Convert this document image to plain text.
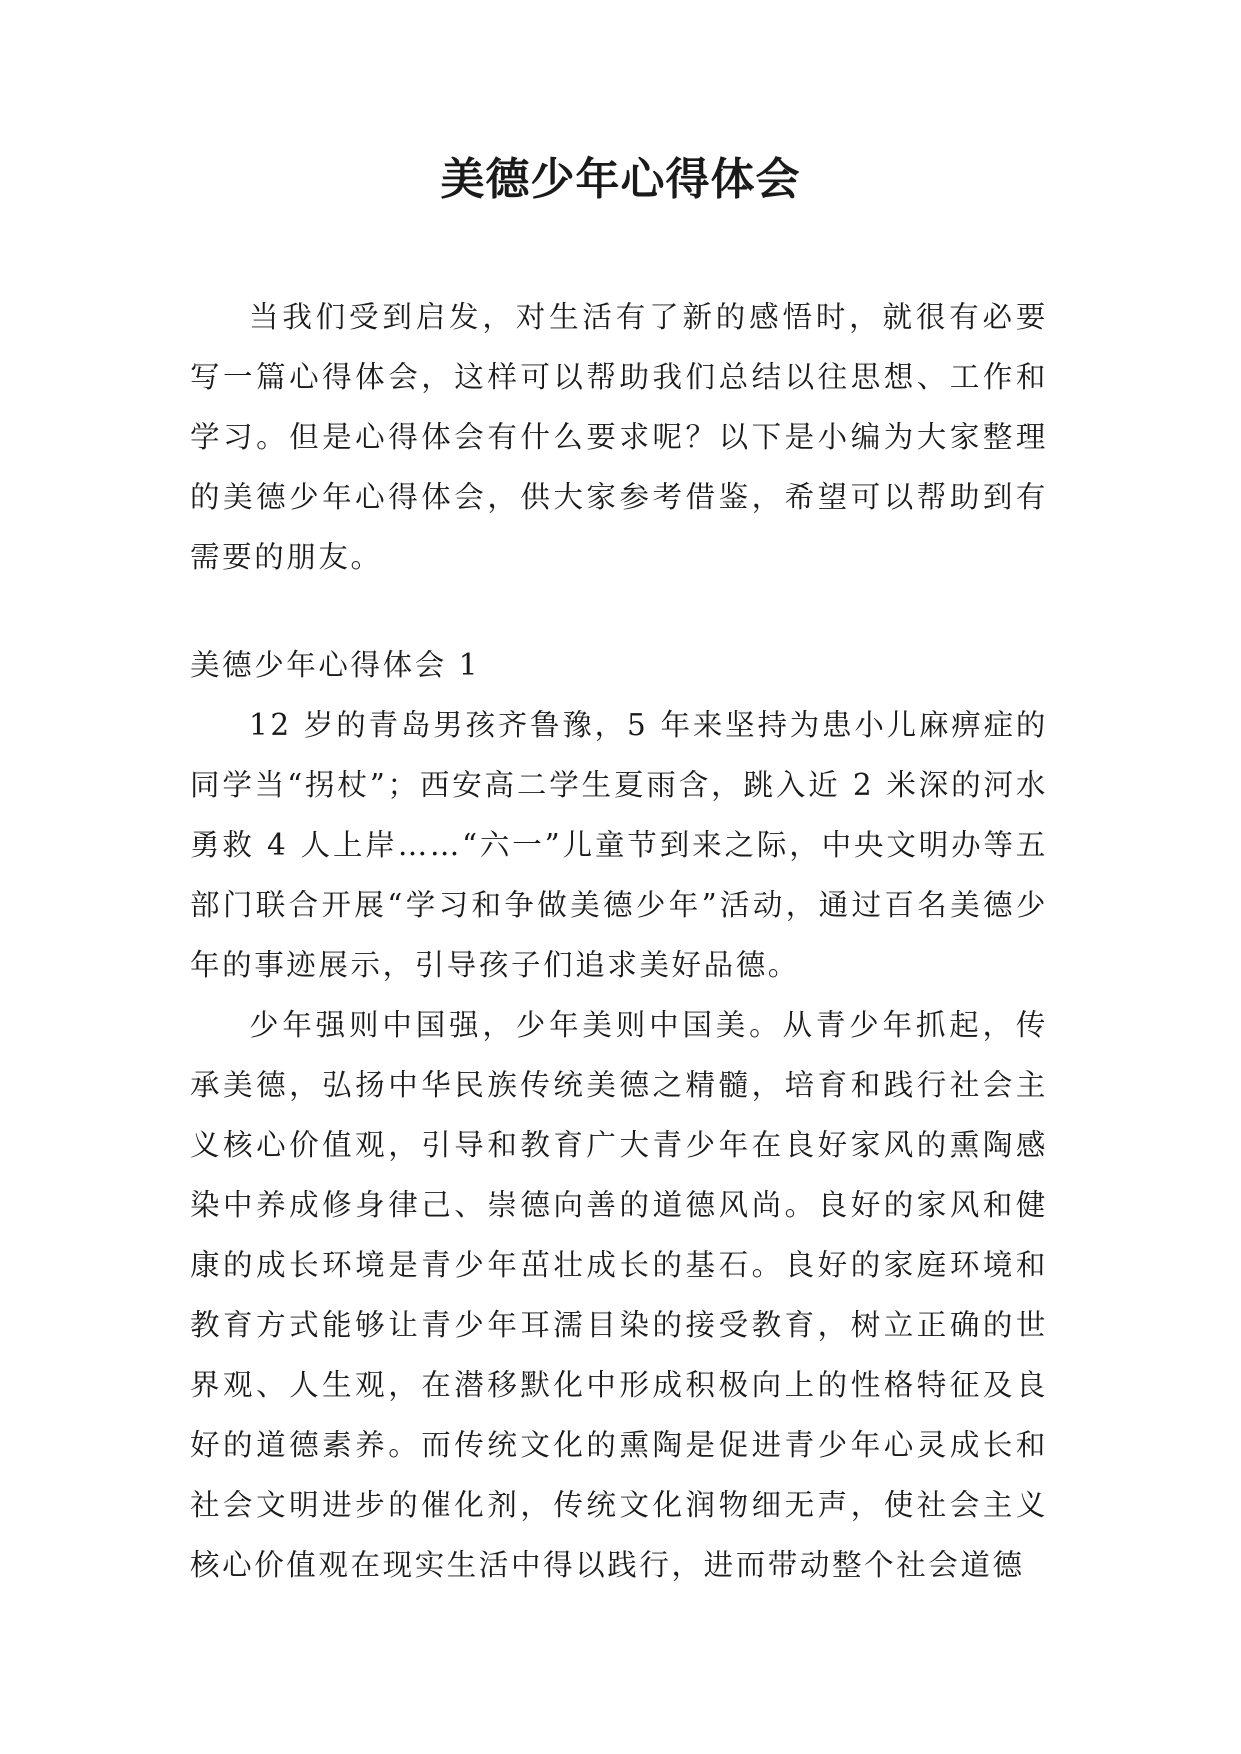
美德少年心得体会

当我们受到启发，对生活有了新的感悟时，就很有必要写一篇心得体会，这样可以帮助我们总结以往思想、工作和学习。但是心得体会有什么要求呢？以下是小编为大家整理的美德少年心得体会，供大家参考借鉴，希望可以帮助到有需要的朋友。

美德少年心得体会 1

12 岁的青岛男孩齐鲁豫，5 年来坚持为患小儿麻痹症的同学当“拐杖”；西安高二学生夏雨含，跳入近 2 米深的河水勇救 4 人上岸……“六一”儿童节到来之际，中央文明办等五部门联合开展“学习和争做美德少年”活动，通过百名美德少年的事迹展示，引导孩子们追求美好品德。

少年强则中国强，少年美则中国美。从青少年抓起，传承美德，弘扬中华民族传统美德之精髓，培育和践行社会主义核心价值观，引导和教育广大青少年在良好家风的熏陶感染中养成修身律己、崇德向善的道德风尚。良好的家风和健康的成长环境是青少年茁壮成长的基石。良好的家庭环境和教育方式能够让青少年耳濡目染的接受教育，树立正确的世界观、人生观，在潜移默化中形成积极向上的性格特征及良好的道德素养。而传统文化的熏陶是促进青少年心灵成长和社会文明进步的催化剂，传统文化润物细无声，使社会主义核心价值观在现实生活中得以践行，进而带动整个社会道德
